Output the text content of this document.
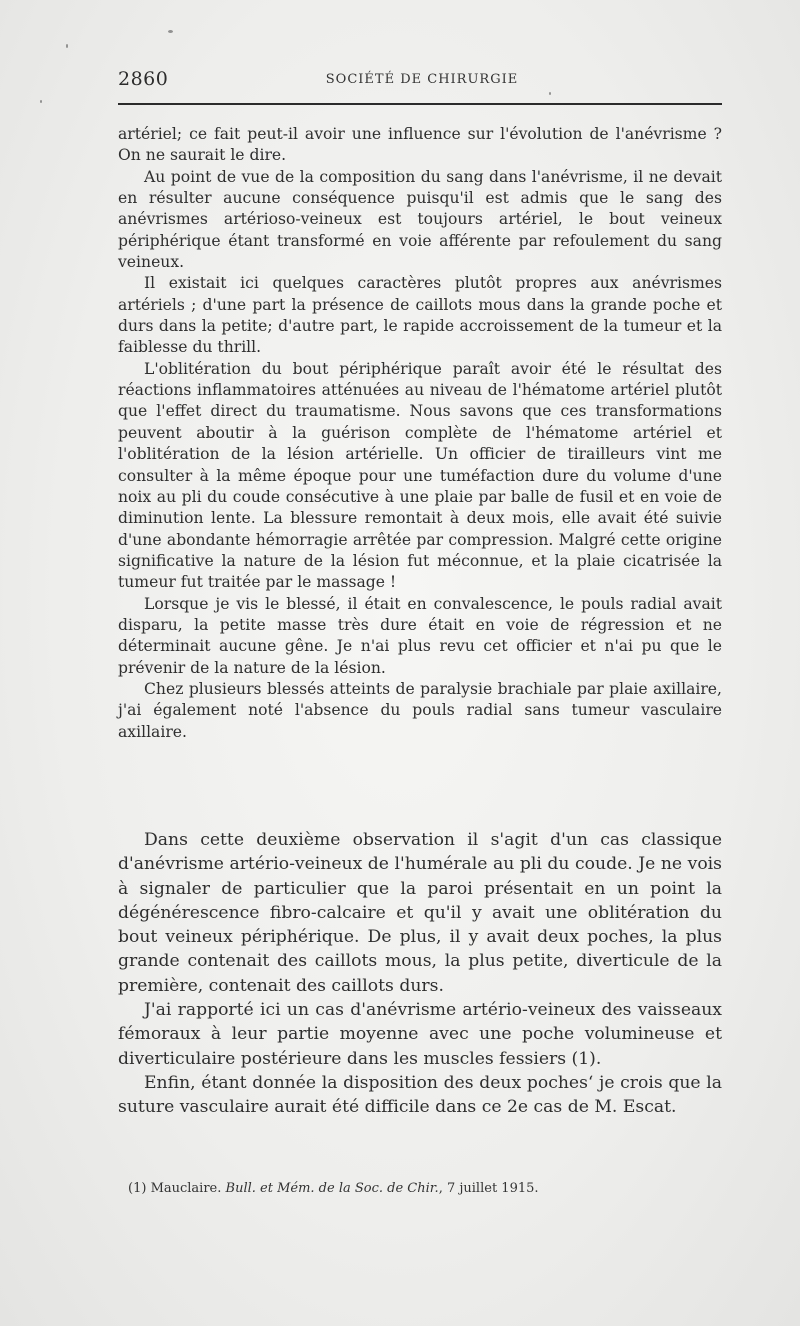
2860	SOCIÉTÉ DE CHIRURGIE

artériel; ce fait peut-il avoir une influence sur l'évolution de l'anévrisme ? On ne saurait le dire.

Au point de vue de la composition du sang dans l'anévrisme, il ne devait en résulter aucune conséquence puisqu'il est admis que le sang des anévrismes artérioso-veineux est toujours artériel, le bout veineux périphérique étant transformé en voie afférente par refoulement du sang veineux.

Il existait ici quelques caractères plutôt propres aux anévrismes artériels ; d'une part la présence de caillots mous dans la grande poche et durs dans la petite; d'autre part, le rapide accroissement de la tumeur et la faiblesse du thrill.

L'oblitération du bout périphérique paraît avoir été le résultat des réactions inflammatoires atténuées au niveau de l'hématome artériel plutôt que l'effet direct du traumatisme. Nous savons que ces transformations peuvent aboutir à la guérison complète de l'hématome artériel et l'oblitération de la lésion artérielle. Un officier de tirailleurs vint me consulter à la même époque pour une tuméfaction dure du volume d'une noix au pli du coude consécutive à une plaie par balle de fusil et en voie de diminution lente. La blessure remontait à deux mois, elle avait été suivie d'une abondante hémorragie arrêtée par compression. Malgré cette origine significative la nature de la lésion fut méconnue, et la plaie cicatrisée la tumeur fut traitée par le massage !

Lorsque je vis le blessé, il était en convalescence, le pouls radial avait disparu, la petite masse très dure était en voie de régression et ne déterminait aucune gêne. Je n'ai plus revu cet officier et n'ai pu que le prévenir de la nature de la lésion.

Chez plusieurs blessés atteints de paralysie brachiale par plaie axillaire, j'ai également noté l'absence du pouls radial sans tumeur vasculaire axillaire.

Dans cette deuxième observation il s'agit d'un cas classique d'anévrisme artério-veineux de l'humérale au pli du coude. Je ne vois à signaler de particulier que la paroi présentait en un point la dégénérescence fibro-calcaire et qu'il y avait une oblitération du bout veineux périphérique. De plus, il y avait deux poches, la plus grande contenait des caillots mous, la plus petite, diverticule de la première, contenait des caillots durs.

J'ai rapporté ici un cas d'anévrisme artério-veineux des vaisseaux fémoraux à leur partie moyenne avec une poche volumineuse et diverticulaire postérieure dans les muscles fessiers (1).

Enfin, étant donnée la disposition des deux poches‘ je crois que la suture vasculaire aurait été difficile dans ce 2e cas de M. Escat.

(1) Mauclaire. Bull. et Mém. de la Soc. de Chir., 7 juillet 1915.
